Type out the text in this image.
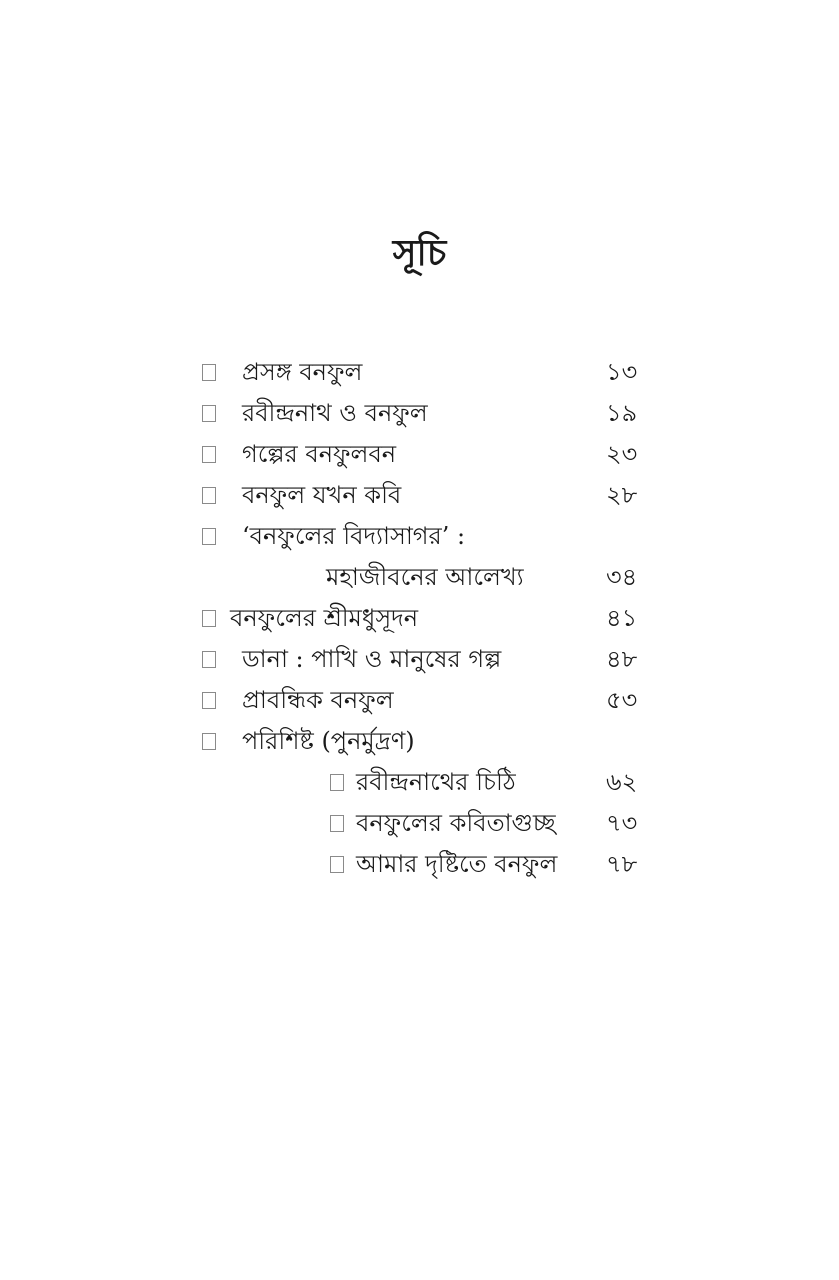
সূচি
প্রসঙ্গ বনফুল	১৩
রবীন্দ্রনাথ ও বনফুল	১৯
গল্পের বনফুলবন	২৩
বনফুল যখন কবি	২৮
‘বনফুলের বিদ্যাসাগর’ :
মহাজীবনের আলেখ্য	৩৪
বনফুলের শ্রীমধুসূদন	৪১
ডানা : পাখি ও মানুষের গল্প	৪৮
প্রাবন্ধিক বনফুল	৫৩
পরিশিষ্ট (পুনর্মুদ্রণ)
রবীন্দ্রনাথের চিঠি	৬২
বনফুলের কবিতাগুচ্ছ ৭৩
আমার দৃষ্টিতে বনফুল ৭৮
